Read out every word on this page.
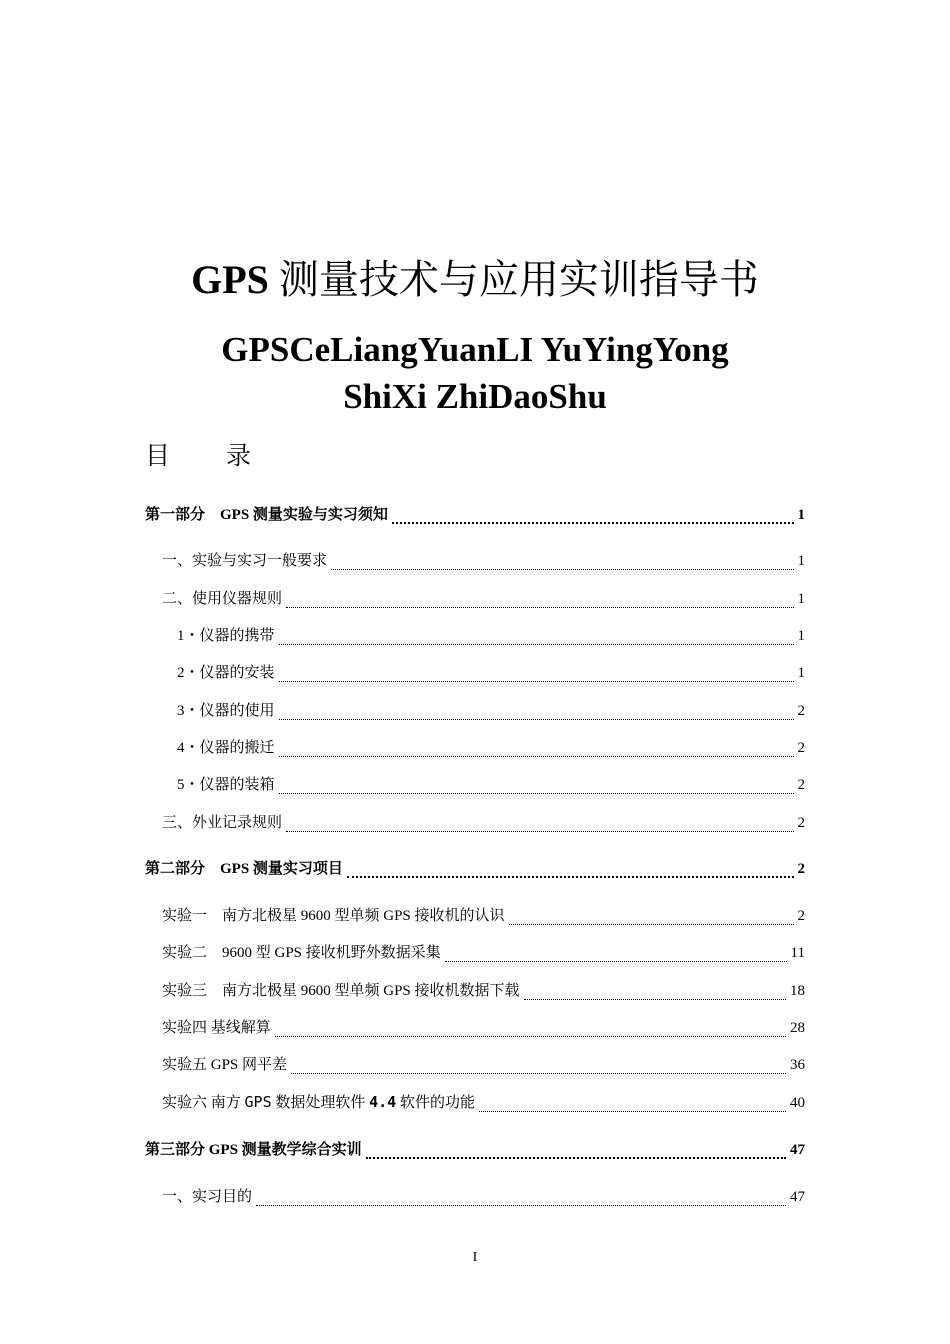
GPS 测量技术与应用实训指导书
GPSCeLiangYuanLI YuYingYong
ShiXi ZhiDaoShu
目 录
第一部分　GPS 测量实验与实习须知	1
一、实验与实习一般要求	1
二、使用仪器规则	1
1・仪器的携带	1
2・仪器的安装	1
3・仪器的使用	2
4・仪器的搬迁	2
5・仪器的装箱	2
三、外业记录规则	2
第二部分　GPS 测量实习项目	2
实验一　南方北极星 9600 型单频 GPS 接收机的认识	2
实验二　9600 型 GPS 接收机野外数据采集	11
实验三　南方北极星 9600 型单频 GPS 接收机数据下载	18
实验四 基线解算	28
实验五 GPS 网平差	36
实验六 南方 GPS 数据处理软件 4.4 软件的功能	40
第三部分 GPS 测量教学综合实训	47
一、实习目的	47
I
